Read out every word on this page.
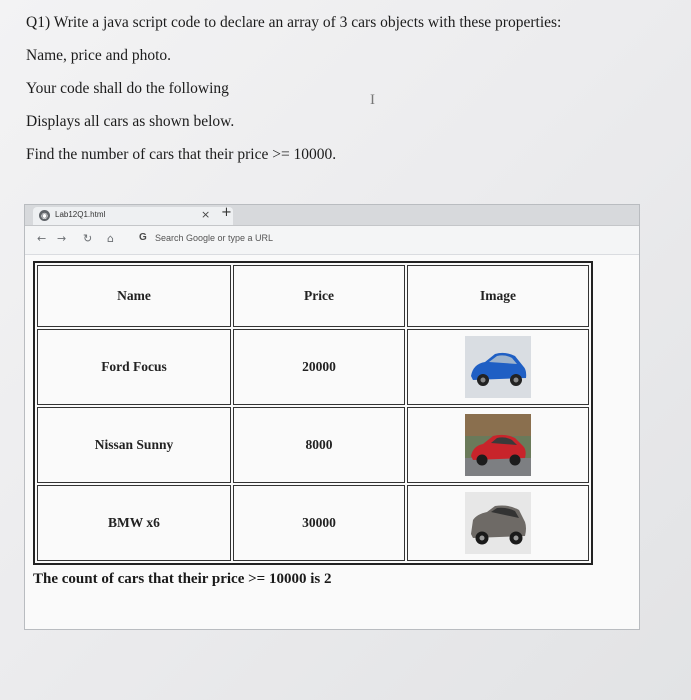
Q1) Write a java script code to declare an array of 3 cars objects with these properties:
Name, price and photo.
Your code shall do the following
Displays all cars as shown below.
Find the number of cars that their price >= 10000.
I
◉ Lab12Q1.html	× +
← → ↻ ⌂	G Search Google or type a URL
Name	Price	Image
Ford Focus	20000	

Nissan Sunny	8000	

BMW x6	30000	
The count of cars that their price >= 10000 is 2
